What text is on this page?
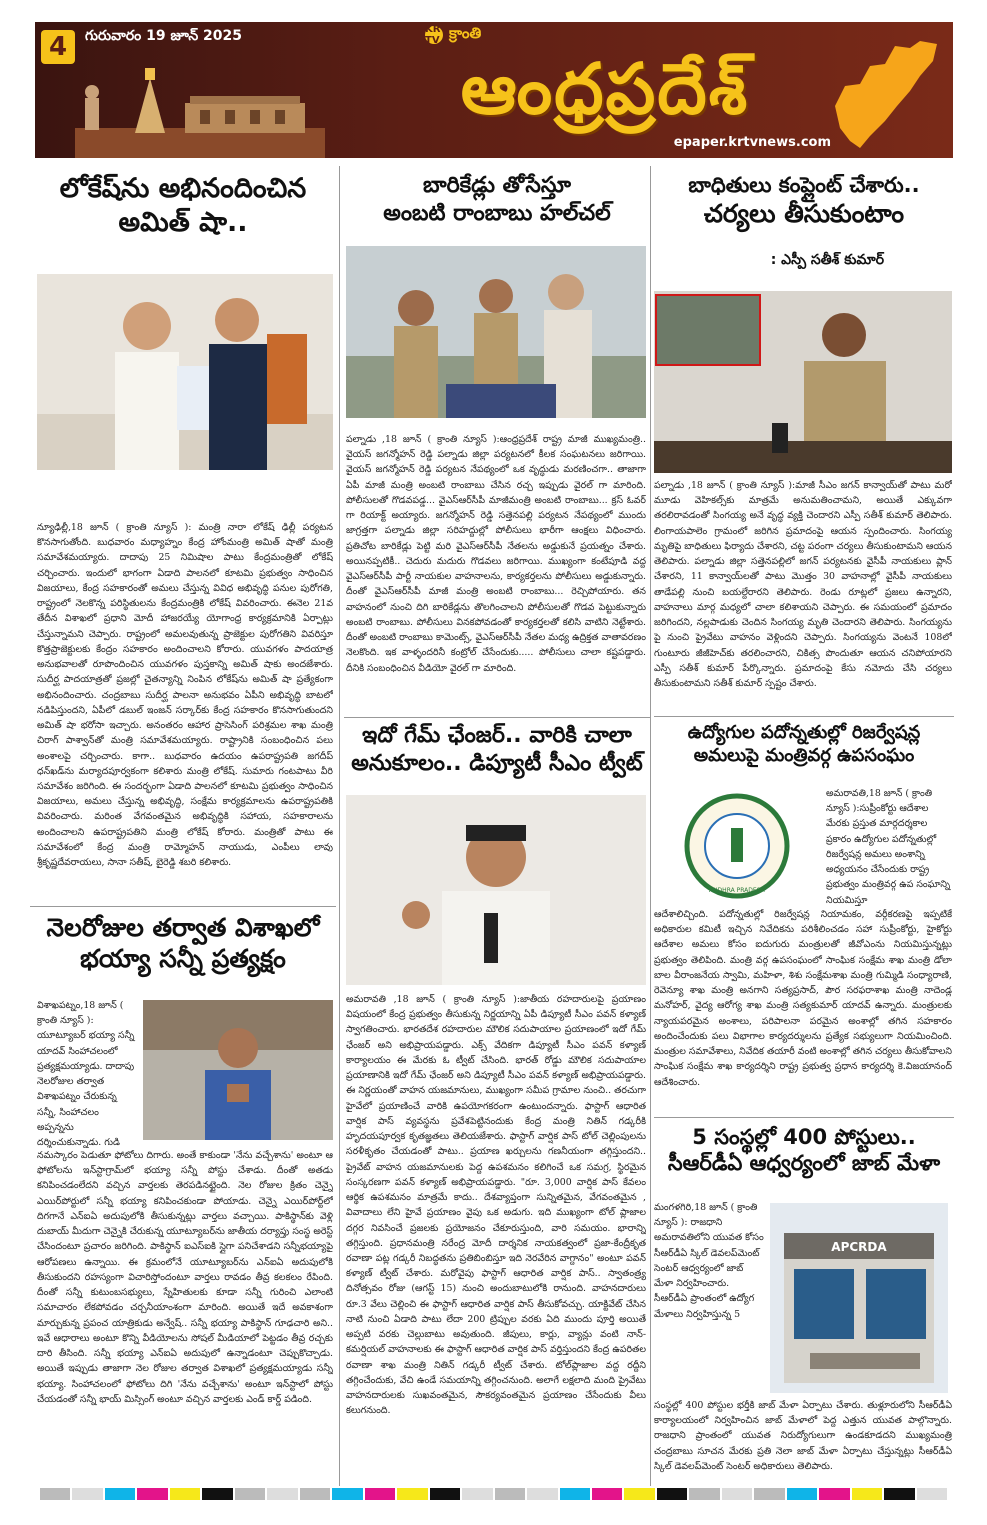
4	గురువారం 19 జూన్ 2025	KR TV క్రాంతి
ఆంధ్రప్రదేశ్
epaper.krtvnews.com
లోకేష్‌ను అభినందించిన
అమిత్ షా..
న్యూఢిల్లీ,18 జూన్ ( క్రాంతి న్యూస్ ): మంత్రి నారా లోకేష్ ఢిల్లీ పర్యటన కొనసాగుతోంది. బుధవారం మధ్యాహ్నం కేంద్ర హోంమంత్రి అమిత్ షాతో మంత్రి సమావేశమయ్యారు. దాదాపు 25 నిమిషాల పాటు కేంద్రమంత్రితో లోకేష్ చర్చించారు. ఇందులో భాగంగా ఏడాది పాలనలో కూటమి ప్రభుత్వం సాధించిన విజయాలు, కేంద్ర సహకారంతో అమలు చేస్తున్న వివిధ అభివృద్ధి పనుల పురోగతి, రాష్ట్రంలో నెలకొన్న పరిస్థితులను కేంద్రమంత్రికి లోకేష్ వివరించారు. ఈనెల 21వ తేదీన విశాఖలో ప్రధాని మోదీ హాజరయ్యే యోగాంధ్ర కార్యక్రమానికి ఏర్పాట్లు చేస్తున్నామని చెప్పారు. రాష్ట్రంలో అమలవుతున్న ప్రాజెక్టుల పురోగతిని వివరిస్తూ కొత్తప్రాజెక్టులకు కేంద్రం సహకారం అందించాలని కోరారు. యువగళం పాదయాత్ర అనుభవాలతో రూపొందించిన యువగళం పుస్తకాన్ని అమిత్ షాకు అందజేశారు. సుదీర్ఘ పాదయాత్రతో ప్రజల్లో చైతన్యాన్ని నింపిన లోకేష్‌ను అమిత్ షా ప్రత్యేకంగా అభినందించారు. చంద్రబాబు సుదీర్ఘ పాలనా అనుభవం ఏపీని అభివృద్ధి బాటలో నడిపిస్తుందని, ఏపీలో డబుల్ ఇంజన్ సర్కార్‌కు కేంద్ర సహకారం కొనసాగుతుందని అమిత్ షా భరోసా ఇచ్చారు. అనంతరం ఆహార ప్రాసెసింగ్ పరిశ్రమల శాఖ మంత్రి చిరాగ్ పాశ్వాన్‌తో మంత్రి సమావేశమయ్యారు. రాష్ట్రానికి సంబంధించిన పలు అంశాలపై చర్చించారు. కాగా.. బుధవారం ఉదయం ఉపరాష్ట్రపతి జగదీప్ ధన్‌ఖడ్‌ను మర్యాదపూర్వకంగా కలిశారు మంత్రి లోకేష్. సుమారు గంటపాటు వీరి సమావేశం జరిగింది. ఈ సందర్భంగా ఏడాది పాలనలో కూటమి ప్రభుత్వం సాధించిన విజయాలు, అమలు చేస్తున్న అభివృద్ధి, సంక్షేమ కార్యక్రమాలను ఉపరాష్ట్రపతికి వివరించారు. మరింత వేగవంతమైన అభివృద్ధికి సహాయ, సహకారాలను అందించాలని ఉపరాష్ట్రపతిని మంత్రి లోకేష్ కోరారు. మంత్రితో పాటు ఈ సమావేశంలో కేంద్ర మంత్రి రామ్మోహన్ నాయుడు, ఎంపీలు లావు శ్రీకృష్ణదేవరాయలు, సానా సతీష్, బైరెడ్డి శబరి కలిశారు.
నెలరోజుల తర్వాత విశాఖలో
భయ్యా సన్నీ ప్రత్యక్షం
విశాఖపట్నం,18 జూన్ ( క్రాంతి న్యూస్ ): యూట్యూబర్ భయ్యా సన్నీ యాదవ్ సింహాచలంలో ప్రత్యక్షమయ్యాడు. దాదాపు నెలరోజుల తర్వాత విశాఖపట్నం చేరుకున్న సన్నీ, సింహాచలం అప్పన్నను దర్శించుకున్నాడు. గుడి
నమస్కారం పెడుతూ ఫోటోలు దిగారు. అంతే కాకుండా 'నేను వచ్చేశాను' అంటూ ఆ ఫోటోలను ఇన్‌స్టాగ్రామ్‌లో భయ్యా సన్నీ పోస్టు చేశాడు. దీంతో అతడు కనిపించడంలేదని వచ్చిన వార్తలకు తెరపడినట్టైంది. నెల రోజుల క్రితం చెన్నై ఎయిర్‌పోర్టులో సన్నీ భయ్యా కనిపించకుండా పోయాడు. చెన్నై ఎయిర్‌పోర్ట్‌లో దిగగానే ఎన్ఐఏ అదుపులోకి తీసుకున్నట్లు వార్తలు వచ్చాయి. పాకిస్థాన్‌కు వెళ్లి దుబాయ్ మీదుగా చెన్నైకి చేరుకున్న యూట్యూబర్‌ను జాతీయ దర్యాప్తు సంస్థ అరెస్ట్ చేసిందంటూ ప్రచారం జరిగింది. పాకిస్థాన్ ఐఎస్ఐకి స్లైగా పనిచేశాడని సన్నీభయ్యాపై ఆరోపణలు ఉన్నాయి. ఈ క్రమంలోనే యూట్యూబర్‌ను ఎన్ఐఏ అదుపులోకి తీసుకుందని రహస్యంగా విచారిస్తోందంటూ వార్తలు రావడం తీవ్ర కలకలం రేపింది. దీంతో సన్నీ కుటుంబసభ్యులు, స్నేహితులకు కూడా సన్నీ గురించి ఎలాంటి సమాచారం లేకపోవడం చర్చనీయాంశంగా మారింది. అయితే ఇదే అవకాశంగా మార్చుకున్న ప్రపంచ యాత్రికుడు అన్వేష్.. సన్నీ భయ్యా పాకిస్థాన్ గూఢచారి అని.. ఇవే ఆధారాలు అంటూ కొన్ని వీడియోలను సోషల్ మీడియాలో పెట్టడం తీవ్ర రచ్చకు దారి తీసింది. సన్నీ భయ్యా ఎన్ఐఏ అదుపులో ఉన్నాడంటూ చెప్పుకొచ్చాడు. అయితే ఇప్పుడు తాజాగా నెల రోజుల తర్వాత విశాఖలో ప్రత్యక్షమయ్యాడు సన్నీ భయ్యా. సింహాచలంలో ఫోటోలు దిగి 'నేను వచ్చేశాను' అంటూ ఇన్‌స్టాలో పోస్టు చేయడంతో సన్నీ భాయ్ మిస్సింగ్ అంటూ వచ్చిన వార్తలకు ఎండ్ కార్డ్ పడింది.
బారికేడ్లు తోసేస్తూ
అంబటి రాంబాబు హల్‌చల్
పల్నాడు ,18 జూన్ ( క్రాంతి న్యూస్ ):ఆంధ్రప్రదేశ్ రాష్ట్ర మాజీ ముఖ్యమంత్రి.. వైయస్ జగన్మోహన్ రెడ్డి పల్నాడు జిల్లా పర్యటనలో కీలక సంఘటనలు జరిగాయి. వైయస్ జగన్మోహన్ రెడ్డి పర్యటన నేపథ్యంలో ఒక వృద్ధుడు మరణించగా.. తాజాగా ఏపీ మాజీ మంత్రి అంబటి రాంబాబు చేసిన రచ్చ ఇప్పుడు వైరల్ గా మారింది. పోలీసులతో గొడవపడ్డ... వైఎస్ఆర్‌సీపీ మాజీమంత్రి అంబటి రాంబాబు... క్రస్ ఓవర్ గా రియాక్ట్ అయ్యారు. జగన్మోహన్ రెడ్డి సత్తెనపల్లి పర్యటన నేపథ్యంలో ముందు జాగ్రత్తగా పల్నాడు జిల్లా సరిహద్దుల్లో పోలీసులు భారీగా ఆంక్షలు విధించారు. ప్రతిచోట బారికేడ్లు పెట్టి మరి వైఎస్ఆర్‌సీపీ నేతలను అడ్డుకునే ప్రయత్నం చేశారు. అయినప్పటికీ.. చెదురు మదురు గొడవలు జరిగాయి. ముఖ్యంగా కంటేపూడి వద్ద వైఎస్ఆర్‌సీపీ పార్టీ నాయకుల వాహనాలను, కార్యకర్తలను పోలీసులు అడ్డుకున్నారు. దీంతో వైఎస్ఆర్‌సీపీ మాజీ మంత్రి అంబటి రాంబాబు... రెచ్చిపోయారు. తన వాహనంలో నుంచి దిగి బారికేడ్లను తొలగించాలని పోలీసులతో గొడవ పెట్టుకున్నారు అంబటి రాంబాబు. పోలీసులు వినకపోవడంతో కార్యకర్తలతో కలిసి వాటిని నెట్టేశారు. దీంతో అంబటి రాంబాబు కామెంట్స్, వైఎస్ఆర్‌సీపీ నేతల మధ్య ఉద్రిక్తత వాతావరణం నెలకొంది. ఇక వాళ్ళందరినీ కంట్రోల్ చేసేందుకు..... పోలీసులు చాలా కష్టపడ్డారు. దీనికి సంబంధించిన వీడియో వైరల్ గా మారింది.
ఇదో గేమ్ ఛేంజర్.. వారికి చాలా
అనుకూలం.. డిప్యూటీ సీఎం ట్వీట్
అమరావతి ,18 జూన్ ( క్రాంతి న్యూస్ ):జాతీయ రహదారులపై ప్రయాణం విషయంలో కేంద్ర ప్రభుత్వం తీసుకున్న నిర్ణయాన్ని ఏపీ డిప్యూటీ సీఎం పవన్ కళ్యాణ్ స్వాగతించారు. భారతదేశ రహదారుల మౌలిక సదుపాయాల ప్రయాణంలో ఇదో గేమ్ ఛేంజర్ అని అభిప్రాయపడ్డారు. ఎక్స్ వేదికగా డిప్యూటీ సీఎం పవన్ కళ్యాణ్ కార్యాలయం ఈ మేరకు ఓ ట్వీట్ చేసింది. భారత్ రోడ్డు మౌలిక సదుపాయాల ప్రయాణానికి ఇదో గేమ్ ఛేంజర్ అని డిప్యూటీ సీఎం పవన్ కళ్యాణ్ అభిప్రాయపడ్డారు. ఈ నిర్ణయంతో వాహన యజమానులు, ముఖ్యంగా సమీప గ్రామాల నుంచి.. తరచుగా హైవేలో ప్రయాణించే వారికి ఉపయోగకరంగా ఉంటుందన్నారు. ఫాస్టాగ్ ఆధారిత వార్షిక పాస్ వ్యవస్థను ప్రవేశపెట్టినందుకు కేంద్ర మంత్రి నితిన్ గడ్కరీకి హృదయపూర్వక కృతజ్ఞతలు తెలియజేశారు. ఫాస్టాగ్ వార్షిక పాస్ టోల్ చెల్లింపులను సరళీకృతం చేయడంతో పాటు.. ప్రయాణ ఖర్చులను గణనీయంగా తగ్గిస్తుందని.. ప్రైవేట్ వాహన యజమానులకు పెద్ద ఉపశమనం కలిగించే ఒక సమగ్ర, స్థిరమైన సంస్కరణగా పవన్ కళ్యాణ్ అభిప్రాయపడ్డారు. "రూ. 3,000 వార్షిక పాస్ కేవలం ఆర్థిక ఉపశమనం మాత్రమే కాదు.. దేశవ్యాప్తంగా సున్నితమైన, వేగవంతమైన , వివాదాలు లేని హైవే ప్రయాణం వైపు ఒక అడుగు. ఇది ముఖ్యంగా టోల్ ప్లాజాల దగ్గర నివసించే ప్రజలకు ప్రయోజనం చేకూరుస్తుంది, వారి సమయం. భారాన్ని తగ్గిస్తుంది. ప్రధానమంత్రి నరేంద్ర మోదీ దార్శనిక నాయకత్వంలో ప్రజా-కేంద్రీకృత రవాణా పట్ల గడ్కరీ నిబద్ధతను ప్రతిబింబిస్తూ ఇది నెరవేరిన వాగ్దానం" అంటూ పవన్ కళ్యాణ్ ట్వీట్ చేశారు. మరోవైపు ఫాస్టాగ్ ఆధారిత వార్షిక పాస్.. స్వాతంత్ర్య దినోత్సవం రోజు (ఆగస్ట్ 15) నుంచి అందుబాటులోకి రానుంది. వాహనదారులు రూ.3 వేలు చెల్లించి ఈ ఫాస్టాగ్ ఆధారిత వార్షిక పాస్ తీసుకోవచ్చు. యాక్టివేట్ చేసిన నాటి నుంచి ఏడాది పాటు లేదా 200 ట్రిప్పుల వరకు ఏది ముందు పూర్తి అయితే అప్పటి వరకు చెల్లుబాటు అవుతుంది. జీపులు, కార్లు, వ్యాన్లు వంటి నాన్- కమర్షియల్ వాహనాలకు ఈ ఫాస్టాగ్ ఆధారిత వార్షిక పాస్ వర్తిస్తుందని కేంద్ర ఉపరితల రవాణా శాఖ మంత్రి నితిన్ గడ్కరీ ట్వీట్ చేశారు. టోల్‌ప్లాజాల వద్ద రద్దీని తగ్గించేందుకు, వేచి ఉండే సమయాన్ని తగ్గించనుంది. అలాగే లక్షలాది మంది ప్రైవేటు వాహనదారులకు సుఖవంతమైన, సౌకర్యవంతమైన ప్రయాణం చేసేందుకు వీలు కలుగనుంది.
బాధితులు కంప్లైంట్ చేశారు..
చర్యలు తీసుకుంటాం
: ఎస్పీ సతీశ్ కుమార్
పల్నాడు ,18 జూన్ ( క్రాంతి న్యూస్ ):మాజీ సీఎం జగన్ కాన్వాయ్‌తో పాటు మరో మూడు వెహికల్స్‌కు మాత్రమే అనుమతించామని, అయితే ఎక్కువగా తరలిరావడంతో సింగయ్య అనే వృద్ధ వ్యక్తి చెందారని ఎస్పీ సతీశ్ కుమార్ తెలిపారు. లింగాయపాలెం గ్రామంలో జరిగిన ప్రమాదంపై ఆయన స్పందించారు. సింగయ్య మృతిపై బాధితులు ఫిర్యాదు చేశారని, చట్ట పరంగా చర్యలు తీసుకుంటామని ఆయన తెలిపారు. పల్నాడు జిల్లా సత్తెనపల్లిలో జగన్ పర్యటనకు వైసీపీ నాయకులు ప్లాన్ చేశారని, 11 కాన్వాయ్‌లతో పాటు మొత్తం 30 వాహనాల్లో వైసీపీ నాయకులు తాడేపల్లి నుంచి బయల్దేరారని తెలిపారు. రెండు రూట్లలో ప్రజలు ఉన్నారని, వాహనాలు మార్గ మధ్యలో చాలా కలిశాయని చెప్పారు. ఈ సమయంలో ప్రమాదం జరిగిందని, నల్లపాడుకు చెందిన సింగయ్య మృతి చెందారని తెలిపారు. సింగయ్యను పై నుంచి ప్రైవేటు వాహనం వెళ్లిందని చెప్పారు. సింగయ్యను వెంటనే 108లో గుంటూరు జీజీహెచ్‌కు తరలించారని, చికిత్స పొందుతూ ఆయన చనిపోయారని ఎస్పీ సతీశ్ కుమార్ పేర్కొన్నారు. ప్రమాదంపై కేసు నమోదు చేసి చర్యలు తీసుకుంటామని సతీశ్ కుమార్ స్పష్టం చేశారు.
ఉద్యోగుల పదోన్నతుల్లో రిజర్వేషన్ల
అమలుపై మంత్రివర్గ ఉపసంఘం
ANDHRA PRADESH
అమరావతి,18 జూన్ ( క్రాంతి న్యూస్ ):సుప్రీంకోర్టు ఆదేశాల మేరకు ప్రస్తుత మార్గదర్శకాల ప్రకారం ఉద్యోగుల పదోన్నతుల్లో రిజర్వేషన్ల అమలు అంశాన్ని అధ్యయనం చేసేందుకు రాష్ట్ర ప్రభుత్వం మంత్రివర్గ ఉప సంఘాన్ని నియమిస్తూ
ఆదేశాలిచ్చింది. పదోన్నతుల్లో రిజర్వేషన్ల నియామకం, వర్గీకరణపై ఇప్పటికే అధికారుల కమిటీ ఇచ్చిన నివేదికను పరిశీలించడం సహా సుప్రీంకోర్టు, హైకోర్టు ఆదేశాల అమలు కోసం ఐదుగురు మంత్రులతో జీవోఎంను నియమిస్తున్నట్లు ప్రభుత్వం తెలిపింది. మంత్రి వర్గ ఉపసంఘంలో సాంఘిక సంక్షేమ శాఖ మంత్రి డోలా బాల వీరాంజనేయ స్వామి, మహిళా, శిశు సంక్షేమశాఖ మంత్రి గుమ్మిడి సంధ్యారాణి, రెవెన్యూ శాఖ మంత్రి అనగాని సత్యప్రసాద్, పౌర సరఫరాశాఖ మంత్రి నాదెండ్ల మనోహర్, వైద్య ఆరోగ్య శాఖ మంత్రి సత్యకుమార్ యాదవ్ ఉన్నారు. మంత్రులకు న్యాయపరమైన అంశాలు, పరిపాలనా పరమైన అంశాల్లో తగిన సహకారం అందించేందుకు పలు విభాగాల కార్యదర్శులను ప్రత్యేక సభ్యులుగా నియమించింది. మంత్రుల సమావేశాలు, నివేదిక తయారీ వంటి అంశాల్లో తగిన చర్యలు తీసుకోవాలని సాంఘిక సంక్షేమ శాఖ కార్యదర్శిని రాష్ట్ర ప్రభుత్వ ప్రధాన కార్యదర్శి కె.విజయానంద్ ఆదేశించారు.
5 సంస్థల్లో 400 పోస్టులు..
సీఆర్‌డీఏ ఆధ్వర్యంలో జాబ్ మేళా
మంగళగిరి,18 జూన్ ( క్రాంతి న్యూస్ ): రాజధాని అమరావతిలోని యువత కోసం సీఆర్‌డీఏ స్కిల్ డెవలప్‌మెంట్ సెంటర్ ఆధ్వర్యంలో జాబ్ మేళా నిర్వహించారు. సీఆర్‌డీఏ ప్రాంతంలో ఉద్యోగ మేళాలు నిర్వహిస్తున్న 5
APCRDA
సంస్థల్లో 400 పోస్టుల భర్తీకి జాబ్ మేళా ఏర్పాటు చేశారు. తుళ్లూరులోని సీఆర్‌డీఏ కార్యాలయంలో నిర్వహించిన జాబ్ మేళాలో పెద్ద ఎత్తున యువత పాల్గొన్నారు. రాజధాని ప్రాంతంలో యువత నిరుద్యోగులుగా ఉండకూడదని ముఖ్యమంత్రి చంద్రబాబు సూచన మేరకు ప్రతి నెలా జాబ్ మేళా ఏర్పాటు చేస్తున్నట్లు సీఆర్‌డీఏ స్కిల్ డెవలప్‌మెంట్ సెంటర్ అధికారులు తెలిపారు.
